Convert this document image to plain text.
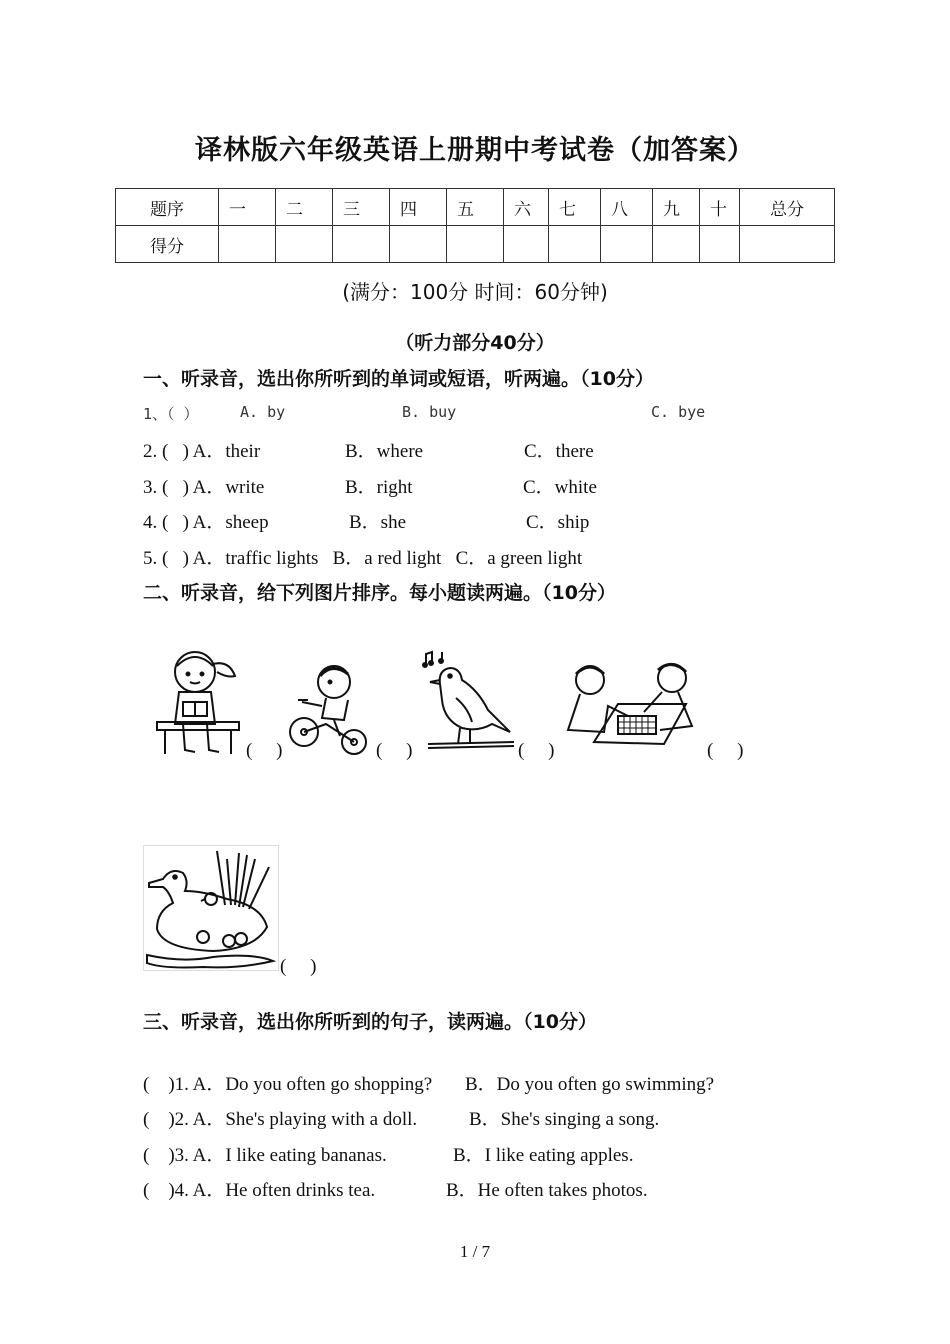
译林版六年级英语上册期中考试卷（加答案）
题序	一	二	三	四	五	六	七	八	九	十	总分
得分											
(满分：100分 时间：60分钟)
（听力部分40分）
一、听录音，选出你所听到的单词或短语，听两遍。（10分）
1、（ ）	A. by	B. buy	C. bye
2. (   ) A．their	B．where	C．there
3. (   ) A．write	B．right	C．white
4. (   ) A．sheep	B．she	C．ship
5. (   ) A．traffic lights   B．a red light   C．a green light
二、听录音，给下列图片排序。每小题读两遍。（10分）
(     )	(     )	(     )	(     )
(     )
三、听录音，选出你所听到的句子，读两遍。（10分）
(    )1. A．Do you often go shopping? B．Do you often go swimming?
(    )2. A．She's playing with a doll.	B．She's singing a song.
(    )3. A．I like eating bananas.	B．I like eating apples.
(    )4. A．He often drinks tea.	B．He often takes photos.
1 / 7
